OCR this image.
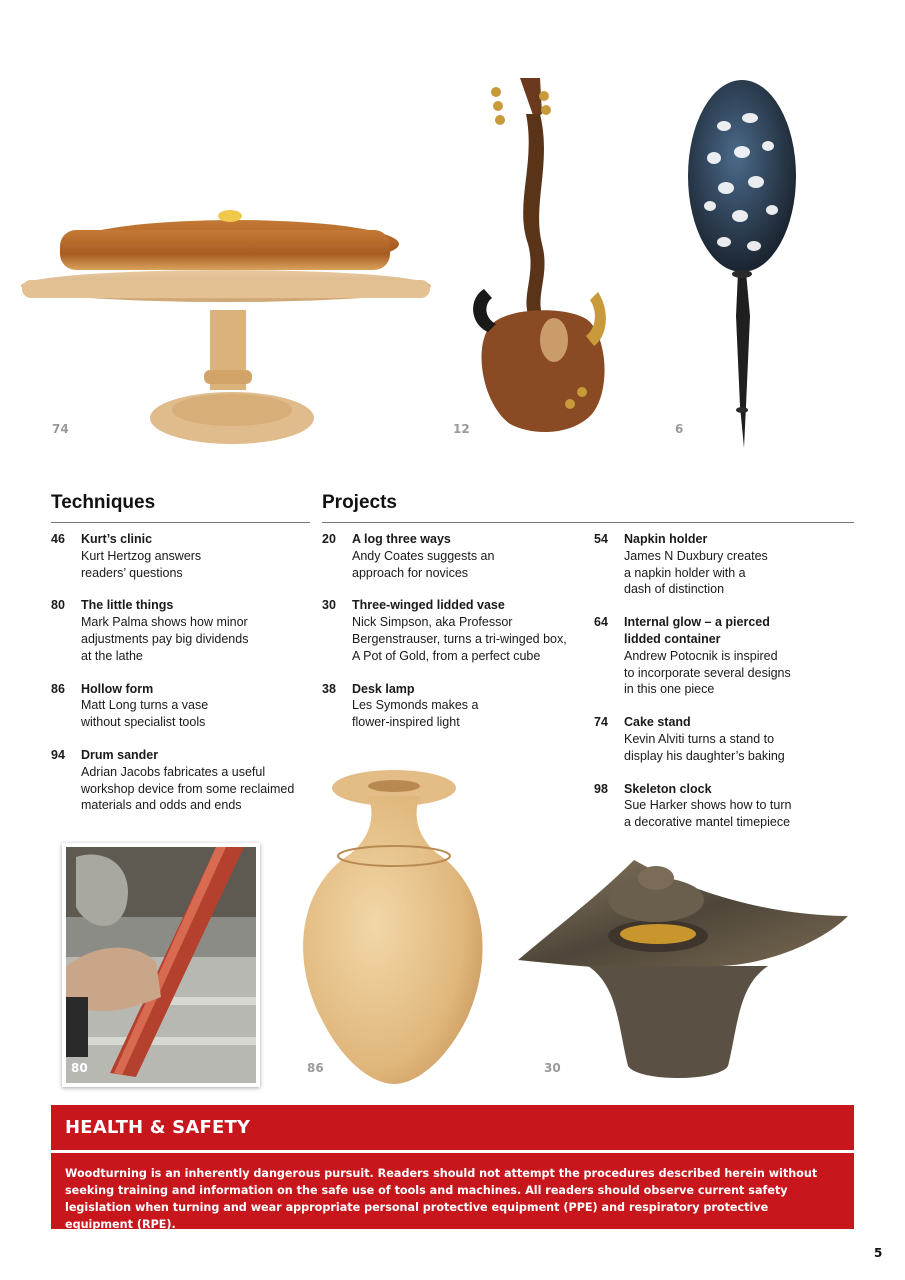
74	12	6
Techniques	Projects
46	Kurt’s clinic
Kurt Hertzog answers
readers’ questions
80	The little things
Mark Palma shows how minor
adjustments pay big dividends
at the lathe
86	Hollow form
Matt Long turns a vase
without specialist tools
94	Drum sander
Adrian Jacobs fabricates a useful
workshop device from some reclaimed
materials and odds and ends
20	A log three ways
Andy Coates suggests an
approach for novices
30	Three-winged lidded vase
Nick Simpson, aka Professor
Bergenstrauser, turns a tri-winged box,
A Pot of Gold, from a perfect cube
38	Desk lamp
Les Symonds makes a
flower-inspired light
54	Napkin holder
James N Duxbury creates
a napkin holder with a
dash of distinction
64	Internal glow – a pierced
lidded container
Andrew Potocnik is inspired
to incorporate several designs
in this one piece
74	Cake stand
Kevin Alviti turns a stand to
display his daughter’s baking
98	Skeleton clock
Sue Harker shows how to turn
a decorative mantel timepiece
80	86	30
HEALTH & SAFETY
Woodturning is an inherently dangerous pursuit. Readers should not attempt the procedures described herein without seeking training and information on the safe use of tools and machines. All readers should observe current safety legislation when turning and wear appropriate personal protective equipment (PPE) and respiratory protective equipment (RPE).
5
